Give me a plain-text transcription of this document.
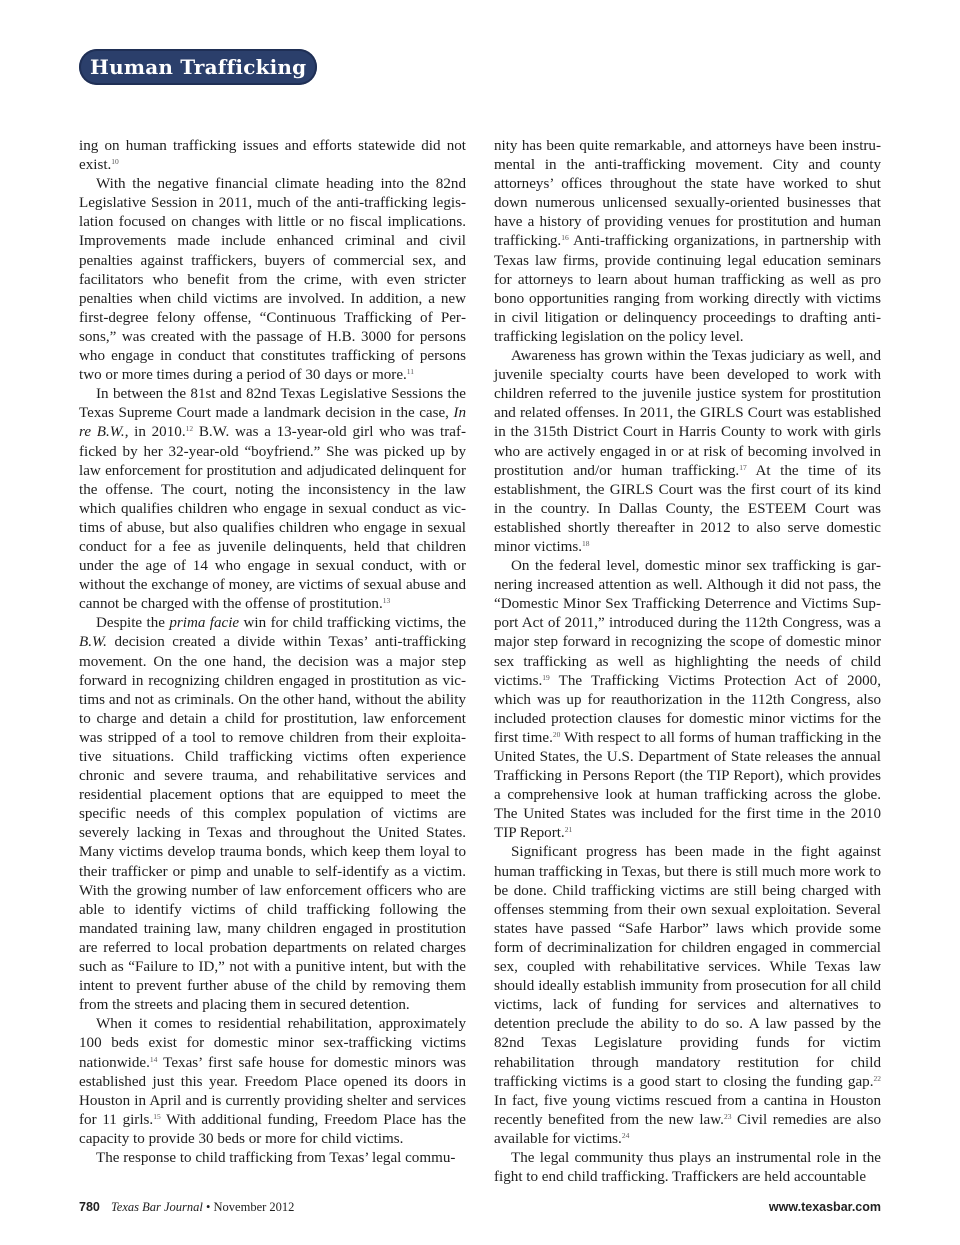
Human Trafficking

ing on human trafficking issues and efforts statewide did not exist.$^{10}$

With the negative financial climate heading into the 82nd Legislative Session in 2011, much of the anti-trafficking legislation focused on changes with little or no fiscal implications. Improvements made include enhanced criminal and civil penalties against traffickers, buyers of commercial sex, and facilitators who benefit from the crime, with even stricter penalties when child victims are involved. In addition, a new first-degree felony offense, “Continuous Trafficking of Persons,” was created with the passage of H.B. 3000 for persons who engage in conduct that constitutes trafficking of persons two or more times during a period of 30 days or more.$^{11}$

In between the 81st and 82nd Texas Legislative Sessions the Texas Supreme Court made a landmark decision in the case, In re B.W., in 2010.12 B.W. was a 13-year-old girl who was trafficked by her 32-year-old “boyfriend.” She was picked up by law enforcement for prostitution and adjudicated delinquent for the offense. The court, noting the inconsistency in the law which qualifies children who engage in sexual conduct as victims of abuse, but also qualifies children who engage in sexual conduct for a fee as juvenile delinquents, held that children under the age of 14 who engage in sexual conduct, with or without the exchange of money, are victims of sexual abuse and cannot be charged with the offense of prostitution.$^{13}$

Despite the prima facie win for child trafficking victims, the B.W. decision created a divide within Texas’ anti-trafficking movement. On the one hand, the decision was a major step forward in recognizing children engaged in prostitution as victims and not as criminals. On the other hand, without the ability to charge and detain a child for prostitution, law enforcement was stripped of a tool to remove children from their exploitative situations. Child trafficking victims often experience chronic and severe trauma, and rehabilitative services and residential placement options that are equipped to meet the specific needs of this complex population of victims are severely lacking in Texas and throughout the United States. Many victims develop trauma bonds, which keep them loyal to their trafficker or pimp and unable to self-identify as a victim. With the growing number of law enforcement officers who are able to identify victims of child trafficking following the mandated training law, many children engaged in prostitution are referred to local probation departments on related charges such as “Failure to ID,” not with a punitive intent, but with the intent to prevent further abuse of the child by removing them from the streets and placing them in secured detention.

When it comes to residential rehabilitation, approximately 100 beds exist for domestic minor sex-trafficking victims nationwide.$^{14}$ Texas’ first safe house for domestic minors was established just this year. Freedom Place opened its doors in Houston in April and is currently providing shelter and services for 11 girls.$^{15}$ With additional funding, Freedom Place has the capacity to provide 30 beds or more for child victims.

The response to child trafficking from Texas’ legal commu-

nity has been quite remarkable, and attorneys have been instrumental in the anti-trafficking movement. City and county attorneys’ offices throughout the state have worked to shut down numerous unlicensed sexually-oriented businesses that have a history of providing venues for prostitution and human trafficking.$^{16}$ Anti-trafficking organizations, in partnership with Texas law firms, provide continuing legal education seminars for attorneys to learn about human trafficking as well as pro bono opportunities ranging from working directly with victims in civil litigation or delinquency proceedings to drafting anti-trafficking legislation on the policy level.

Awareness has grown within the Texas judiciary as well, and juvenile specialty courts have been developed to work with children referred to the juvenile justice system for prostitution and related offenses. In 2011, the GIRLS Court was established in the 315th District Court in Harris County to work with girls who are actively engaged in or at risk of becoming involved in prostitution and/or human trafficking.$^{17}$ At the time of its establishment, the GIRLS Court was the first court of its kind in the country. In Dallas County, the ESTEEM Court was established shortly thereafter in 2012 to also serve domestic minor victims.$^{18}$

On the federal level, domestic minor sex trafficking is garnering increased attention as well. Although it did not pass, the “Domestic Minor Sex Trafficking Deterrence and Victims Support Act of 2011,” introduced during the 112th Congress, was a major step forward in recognizing the scope of domestic minor sex trafficking as well as highlighting the needs of child victims.$^{19}$ The Trafficking Victims Protection Act of 2000, which was up for reauthorization in the 112th Congress, also included protection clauses for domestic minor victims for the first time.$^{20}$ With respect to all forms of human trafficking in the United States, the U.S. Department of State releases the annual Trafficking in Persons Report (the TIP Report), which provides a comprehensive look at human trafficking across the globe. The United States was included for the first time in the 2010 TIP Report.$^{21}$

Significant progress has been made in the fight against human trafficking in Texas, but there is still much more work to be done. Child trafficking victims are still being charged with offenses stemming from their own sexual exploitation. Several states have passed “Safe Harbor” laws which provide some form of decriminalization for children engaged in commercial sex, coupled with rehabilitative services. While Texas law should ideally establish immunity from prosecution for all child victims, lack of funding for services and alternatives to detention preclude the ability to do so. A law passed by the 82nd Texas Legislature providing funds for victim rehabilitation through mandatory restitution for child trafficking victims is a good start to closing the funding gap.$^{22}$ In fact, five young victims rescued from a cantina in Houston recently benefited from the new law.$^{23}$ Civil remedies are also available for victims.$^{24}$

The legal community thus plays an instrumental role in the fight to end child trafficking. Traffickers are held accountable

780 Texas Bar Journal • November 2012	www.texasbar.com
